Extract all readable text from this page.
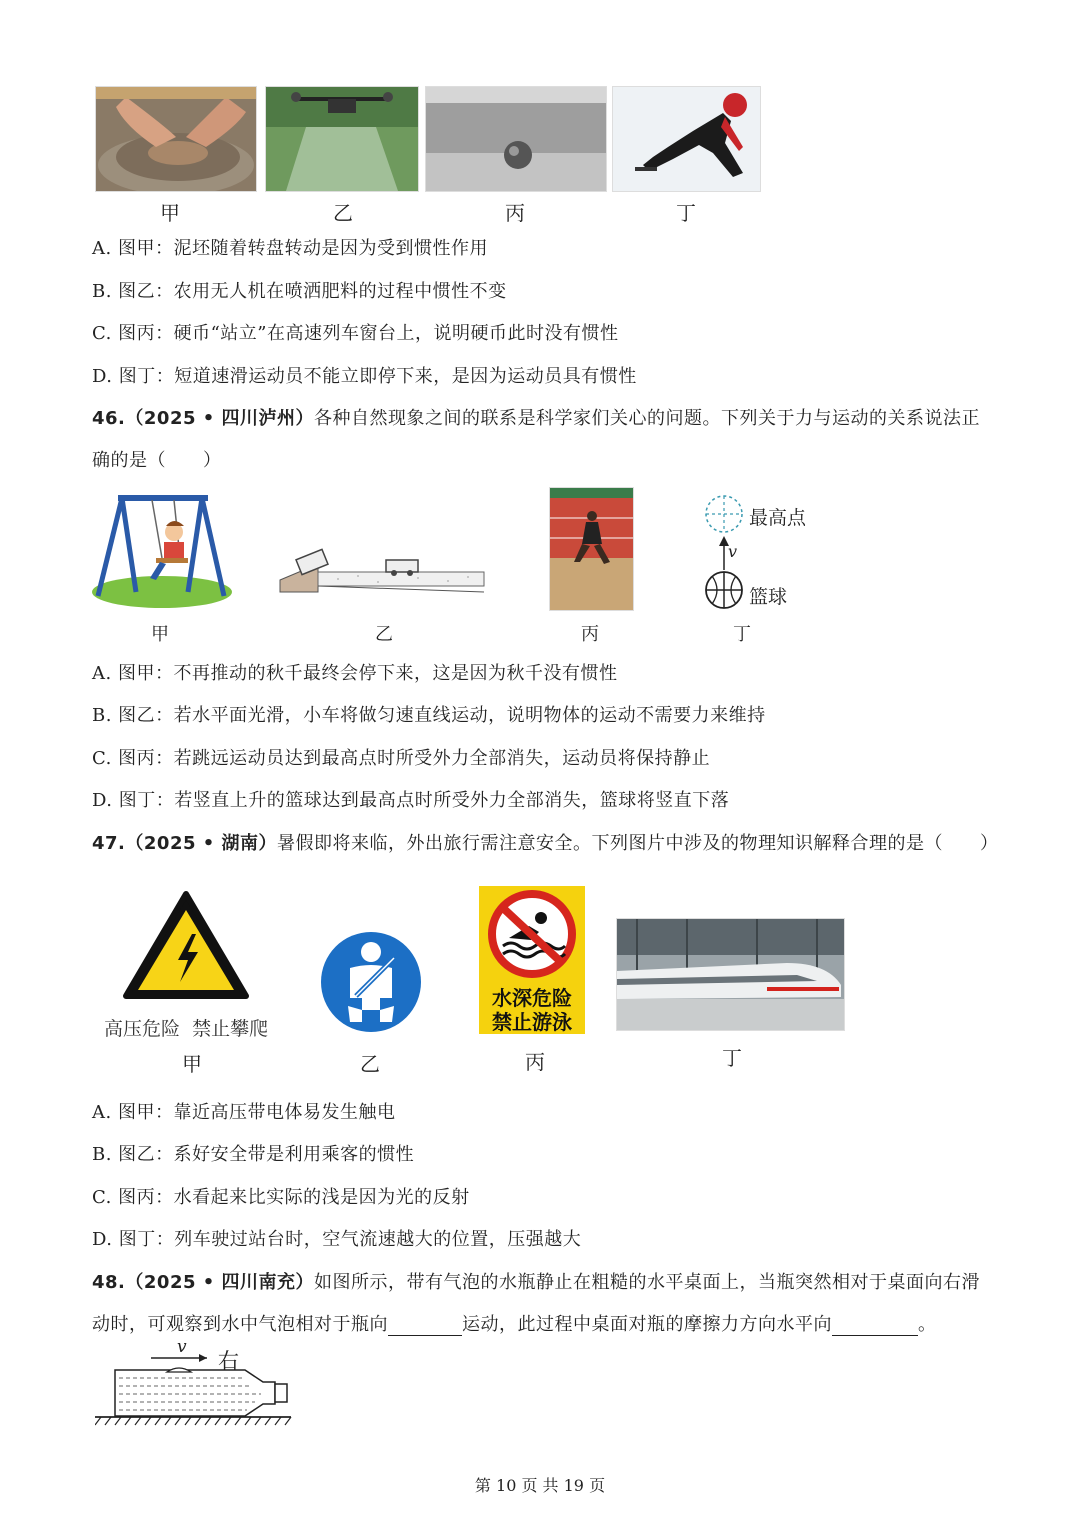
甲	乙	丙	丁
A. 图甲：泥坯随着转盘转动是因为受到惯性作用
B. 图乙：农用无人机在喷洒肥料的过程中惯性不变
C. 图丙：硬币“站立”在高速列车窗台上，说明硬币此时没有惯性
D. 图丁：短道速滑运动员不能立即停下来，是因为运动员具有惯性
46.（2025 • 四川泸州）各种自然现象之间的联系是科学家们关心的问题。下列关于力与运动的关系说法正
确的是（　　）
最高点
v
篮球
甲	乙	丙	丁
A. 图甲：不再推动的秋千最终会停下来，这是因为秋千没有惯性
B. 图乙：若水平面光滑，小车将做匀速直线运动，说明物体的运动不需要力来维持
C. 图丙：若跳远运动员达到最高点时所受外力全部消失，运动员将保持静止
D. 图丁：若竖直上升的篮球达到最高点时所受外力全部消失，篮球将竖直下落
47.（2025 • 湖南）暑假即将来临，外出旅行需注意安全。下列图片中涉及的物理知识解释合理的是（　　）
高压危险  禁止攀爬
水深危险
禁止游泳
甲	乙	丙	丁
A. 图甲：靠近高压带电体易发生触电
B. 图乙：系好安全带是利用乘客的惯性
C. 图丙：水看起来比实际的浅是因为光的反射
D. 图丁：列车驶过站台时，空气流速越大的位置，压强越大
48.（2025 • 四川南充）如图所示，带有气泡的水瓶静止在粗糙的水平桌面上，当瓶突然相对于桌面向右滑
动时，可观察到水中气泡相对于瓶向	运动，此过程中桌面对瓶的摩擦力方向水平向	。
v
右
第 10 页 共 19 页
